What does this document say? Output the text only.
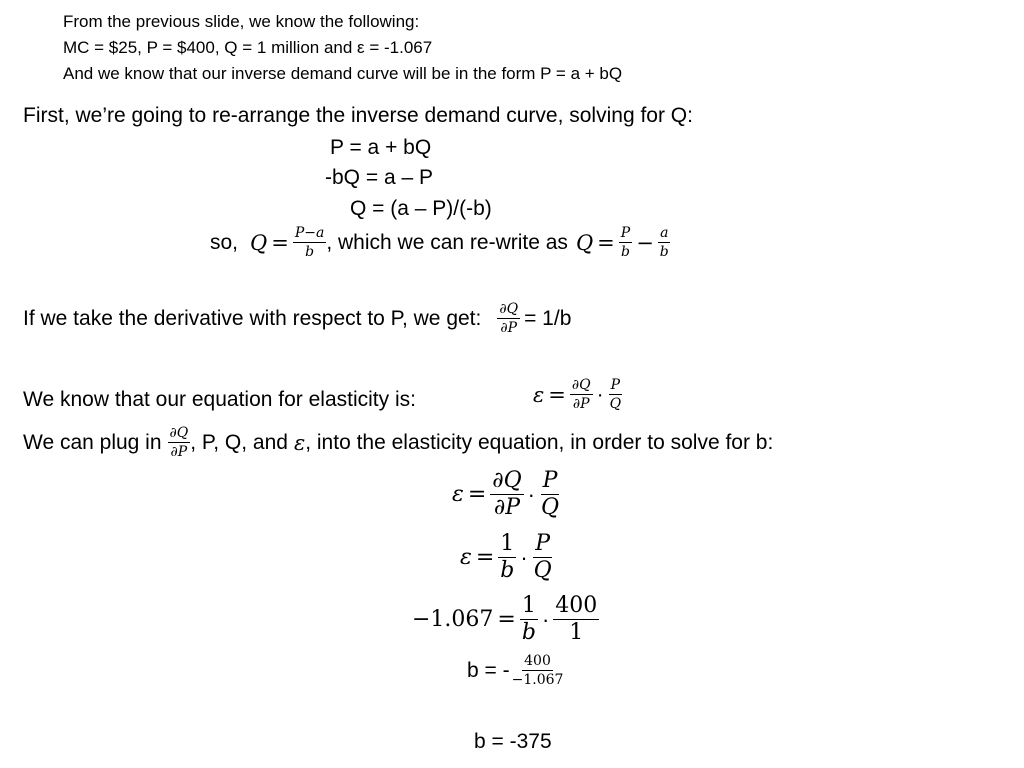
From the previous slide, we know the following:
MC = $25, P = $400, Q = 1 million and ε = -1.067
And we know that our inverse demand curve will be in the form P = a + bQ
First, we’re going to re-arrange the inverse demand curve, solving for Q:
P = a + bQ
-bQ = a – P
Q = (a – P)/(-b)
so, $Q = \frac{P-a}{b}$ , which we can re-write as $Q = \frac{P}{b} - \frac{a}{b}$
If we take the derivative with respect to P, we get: $\frac{\partial Q}{\partial P} = 1/b$
We know that our equation for elasticity is:	$\varepsilon = \frac{\partial Q}{\partial P} \cdot \frac{P}{Q}$
We can plug in $\frac{\partial Q}{\partial P}$ , P, Q, and ε , into the elasticity equation, in order to solve for b:
$\varepsilon = \frac{\partial Q}{\partial P} \cdot \frac{P}{Q}$
$\varepsilon = \frac{1}{b} \cdot \frac{P}{Q}$
$-1.067 = \frac{1}{b} \cdot \frac{400}{1}$
b = - $\frac{400}{-1.067}$
b = -375
